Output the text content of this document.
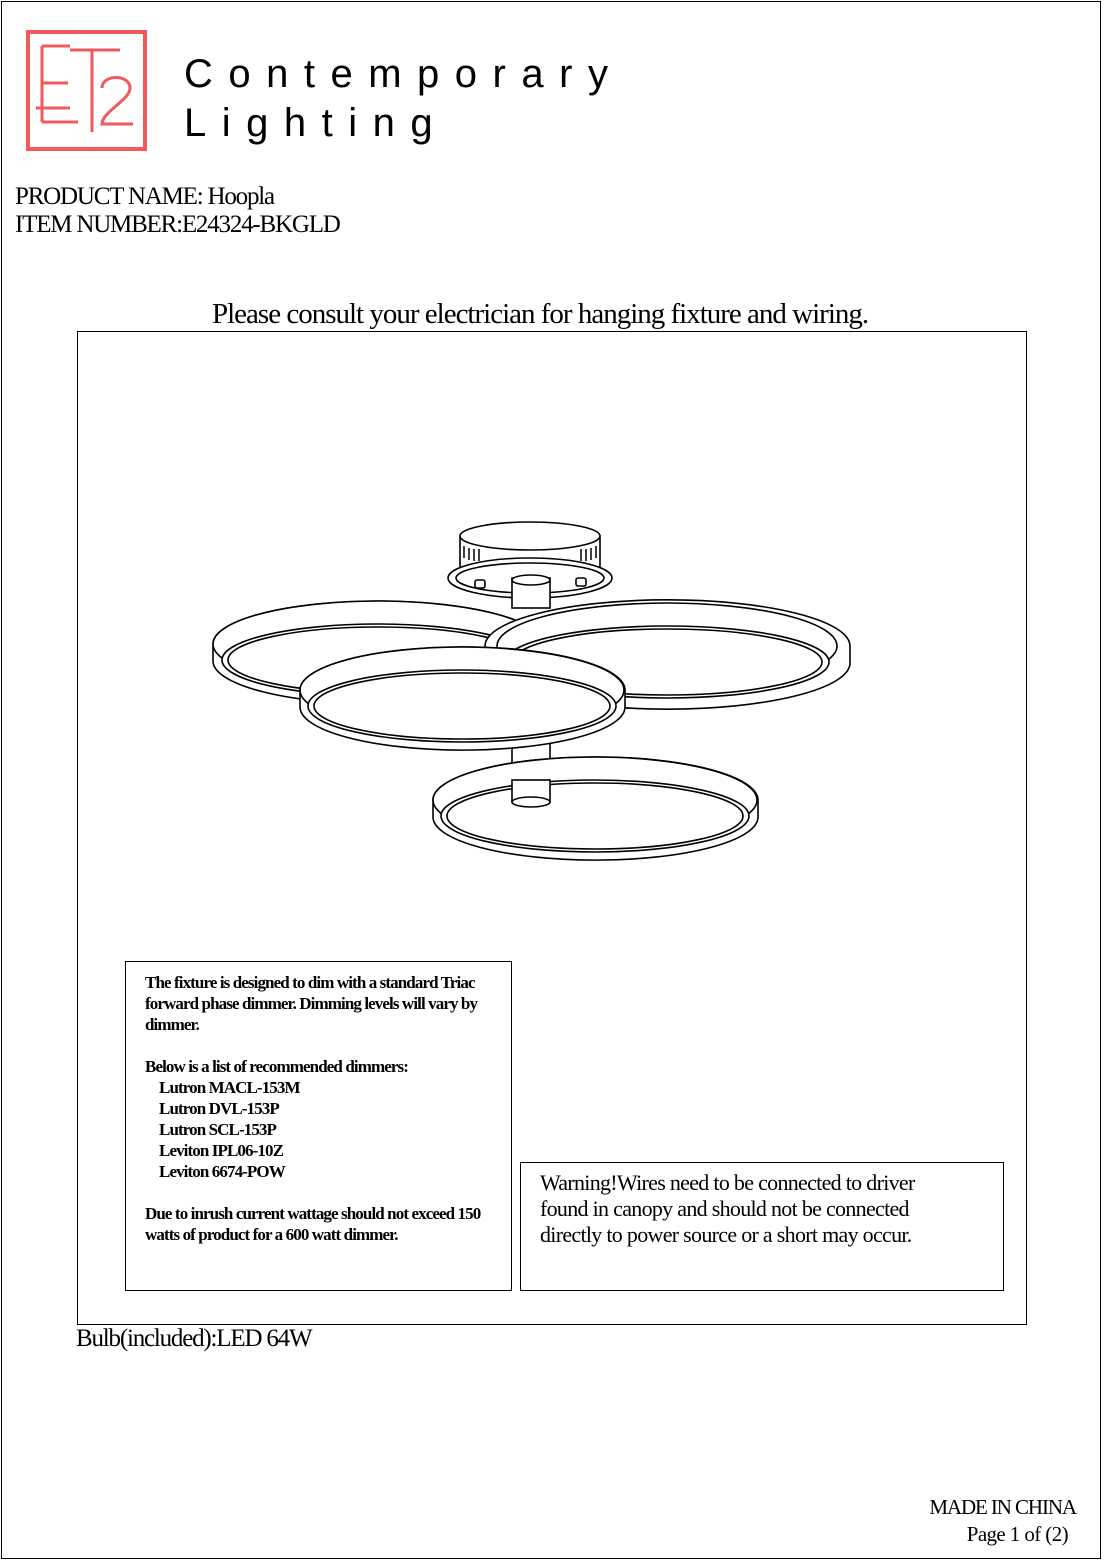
Contemporary
Lighting
PRODUCT NAME: Hoopla
ITEM NUMBER:E24324-BKGLD
Please consult your electrician for hanging fixture and wiring.

The fixture is designed to dim with a standard Triac forward phase dimmer. Dimming levels will vary by dimmer.

Below is a list of recommended dimmers:

Lutron MACL-153M

Lutron DVL-153P

Lutron SCL-153P

Leviton IPL06-10Z

Leviton 6674-POW

Due to inrush current wattage should not exceed 150 watts of product for a 600 watt dimmer.

Warning!Wires need to be connected to driver
found in canopy and should not be connected
directly to power source or a short may occur.
Bulb(included):LED 64W
MADE IN CHINA
Page 1 of (2)
